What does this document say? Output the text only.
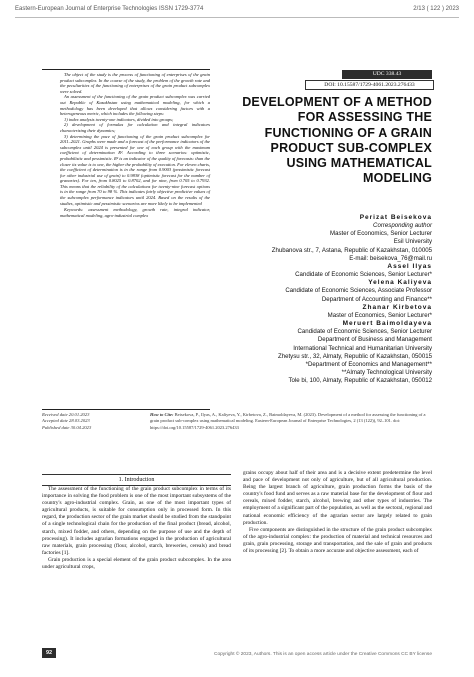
Eastern-European Journal of Enterprise Technologies ISSN 1729-3774	2/13 ( 122 ) 2023

The object of the study is the process of functioning of enterprises of the grain product subcomplex. In the course of the study, the problem of the growth rate and the peculiarities of the functioning of enterprises of the grain product subcomplex were solved.

An assessment of the functioning of the grain product subcomplex was carried out Republic of Kazakhstan using mathematical modeling, for which a methodology has been developed that allows considering factors with a heterogeneous metric, which includes the following steps:

1) index analysis twenty-one indicators, divided into groups;

2) development of formulas for calculation and integral indicators characterizing their dynamics;

3) determining the pace of functioning of the grain product subcomplex for 2011–2021. Graphs were made and a forecast of the performance indicators of the subcomplex until 2024 is presented for one of each group with the maximum coefficient of determination R². According to three scenarios: optimistic, probabilistic and pessimistic. R² is an indicator of the quality of forecasts: than the closer its value is to one, the higher the probability of execution. For eleven charts, the coefficient of determination is in the range from 0.9003 (pessimistic forecast for other industrial use of grain) to 0.9838 (optimistic forecast for the number of granaries). For ten, from 0.8025 to 0.8702, and for nine, from 0.705 to 0.7932. This means that the reliability of the calculations for twenty-nine forecast options is in the range from 70 to 98 %. This indicates fairly objective predictive values of the subcomplex performance indicators until 2024. Based on the results of the studies, optimistic and pessimistic scenarios are more likely to be implemented

Keywords: assessment methodology, growth rate, integral indicator, mathematical modeling, agro-industrial complex

UDC 338.43
DOI: 10.15587/1729-4061.2023.276433
DEVELOPMENT OF A METHOD FOR ASSESSING THE FUNCTIONING OF A GRAIN PRODUCT SUB-COMPLEX USING MATHEMATICAL MODELING
Perizat Beisekova
Corresponding author
Master of Economics, Senior Lecturer
Esil University
Zhubanova str., 7, Astana, Republic of Kazakhstan, 010005
E-mail: beisekova_76@mail.ru
Assel Ilyas
Candidate of Economic Sciences, Senior Lecturer*
Yelena Kaliyeva
Candidate of Economic Sciences, Associate Professor
Department of Accounting and Finance**
Zhanar Kirbetova
Master of Economics, Senior Lecturer*
Meruert Baimoldayeva
Candidate of Economic Sciences, Senior Lecturer
Department of Business and Management
International Technical and Humanitarian University
Zhetysu str., 32, Almaty, Republic of Kazakhstan, 050015
*Department of Economics and Management**
**Almaty Technological University
Tole bi, 100, Almaty, Republic of Kazakhstan, 050012
Received date 20.01.2023
Accepted date 28.03.2023
Published date 30.04.2023
How to Cite: Beisekova, P., Ilyas, A., Kaliyeva, Y., Kirbetova, Z., Baimoldayeva, M. (2023). Development of a method for assessing the functioning of a grain product sub-complex using mathematical modeling. Eastern-European Journal of Enterprise Technologies, 2 (13 (122)), 92–101. doi: https://doi.org/10.15587/1729-4061.2023.276433
1. Introduction

The assessment of the functioning of the grain product subcomplex in terms of its importance in solving the food problem is one of the most important subsystems of the country's agro-industrial complex. Grain, as one of the most important types of agricultural products, is suitable for consumption only in processed form. In this regard, the production sector of the grain market should be studied from the standpoint of a single technological chain for the production of the final product (bread, alcohol, starch, mixed fodder, and others, depending on the purpose of use and the depth of processing). It includes agrarian formations engaged in the production of agricultural raw materials, grain processing (flour, alcohol, starch, breweries, cereals) and bread factories [1].

Grain production is a special element of the grain product subcomplex. In the area under agricultural crops,

grains occupy about half of their area and is a decisive extent predetermine the level and pace of development not only of agriculture, but of all agricultural production. Being the largest branch of agriculture, grain production forms the basis of the country's food fund and serves as a raw material base for the development of flour and cereals, mixed fodder, starch, alcohol, brewing and other types of industries. The employment of a significant part of the population, as well as the sectoral, regional and national economic efficiency of the agrarian sector are largely related to grain production.

Five components are distinguished in the structure of the grain product subcomplex of the agro-industrial complex: the production of material and technical resources and grain, grain processing, storage and transportation, and the sale of grain and products of its processing [2]. To obtain a more accurate and objective assessment, each of

92	Copyright © 2023, Authors. This is an open access article under the Creative Commons CC BY license
